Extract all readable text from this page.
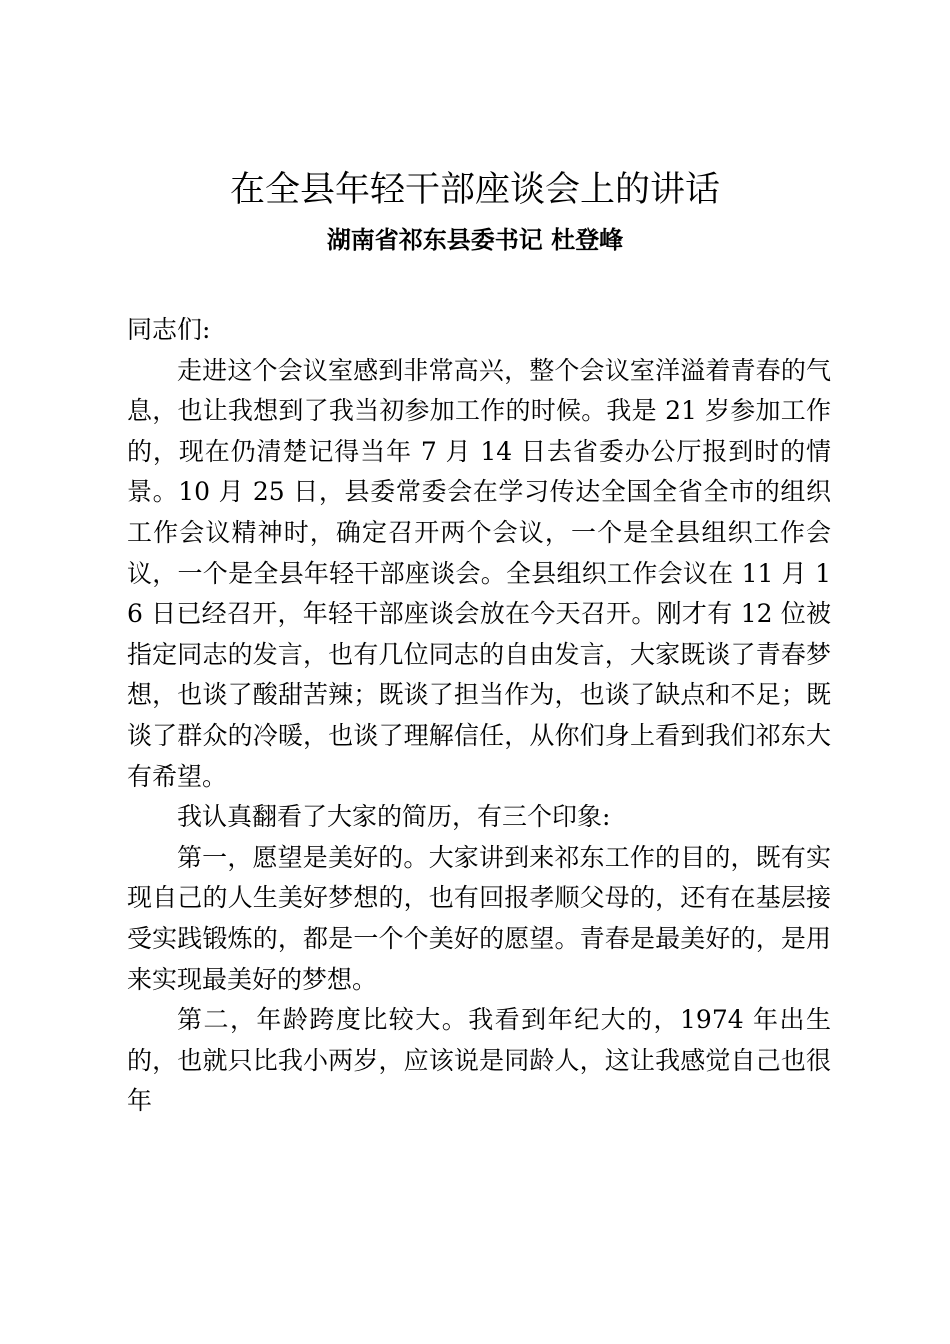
在全县年轻干部座谈会上的讲话
湖南省祁东县委书记 杜登峰

同志们:

走进这个会议室感到非常高兴，整个会议室洋溢着青春的气息，也让我想到了我当初参加工作的时候。我是 21 岁参加工作的，现在仍清楚记得当年 7 月 14 日去省委办公厅报到时的情景。10 月 25 日，县委常委会在学习传达全国全省全市的组织工作会议精神时，确定召开两个会议，一个是全县组织工作会议，一个是全县年轻干部座谈会。全县组织工作会议在 11 月 16 日已经召开，年轻干部座谈会放在今天召开。刚才有 12 位被指定同志的发言，也有几位同志的自由发言，大家既谈了青春梦想，也谈了酸甜苦辣；既谈了担当作为，也谈了缺点和不足；既谈了群众的冷暖，也谈了理解信任，从你们身上看到我们祁东大有希望。

我认真翻看了大家的简历，有三个印象:

第一，愿望是美好的。大家讲到来祁东工作的目的，既有实现自己的人生美好梦想的，也有回报孝顺父母的，还有在基层接受实践锻炼的，都是一个个美好的愿望。青春是最美好的，是用来实现最美好的梦想。

第二，年龄跨度比较大。我看到年纪大的，1974 年出生的，也就只比我小两岁，应该说是同龄人，这让我感觉自己也很年
